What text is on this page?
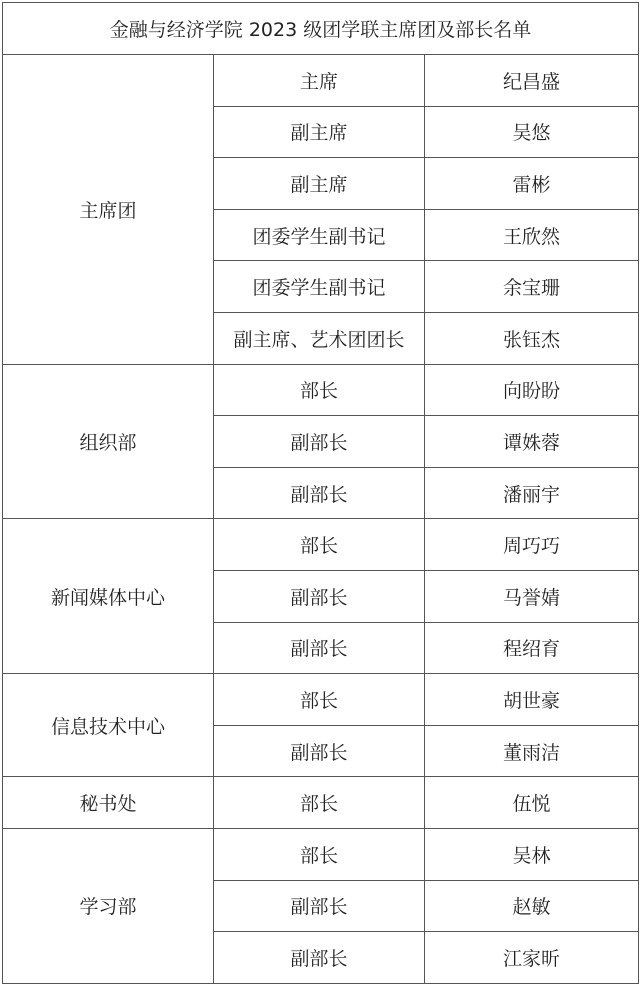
金融与经济学院 2023 级团学联主席团及部长名单		
主席团	主席	纪昌盛
	副主席	吴悠
	副主席	雷彬
	团委学生副书记	王欣然
	团委学生副书记	余宝珊
	副主席、艺术团团长	张钰杰
组织部	部长	向盼盼
	副部长	谭姝蓉
	副部长	潘丽宇
新闻媒体中心	部长	周巧巧
	副部长	马誉婧
	副部长	程绍育
信息技术中心	部长	胡世豪
	副部长	董雨洁
秘书处	部长	伍悦
学习部	部长	吴林
	副部长	赵敏
	副部长	江家昕
